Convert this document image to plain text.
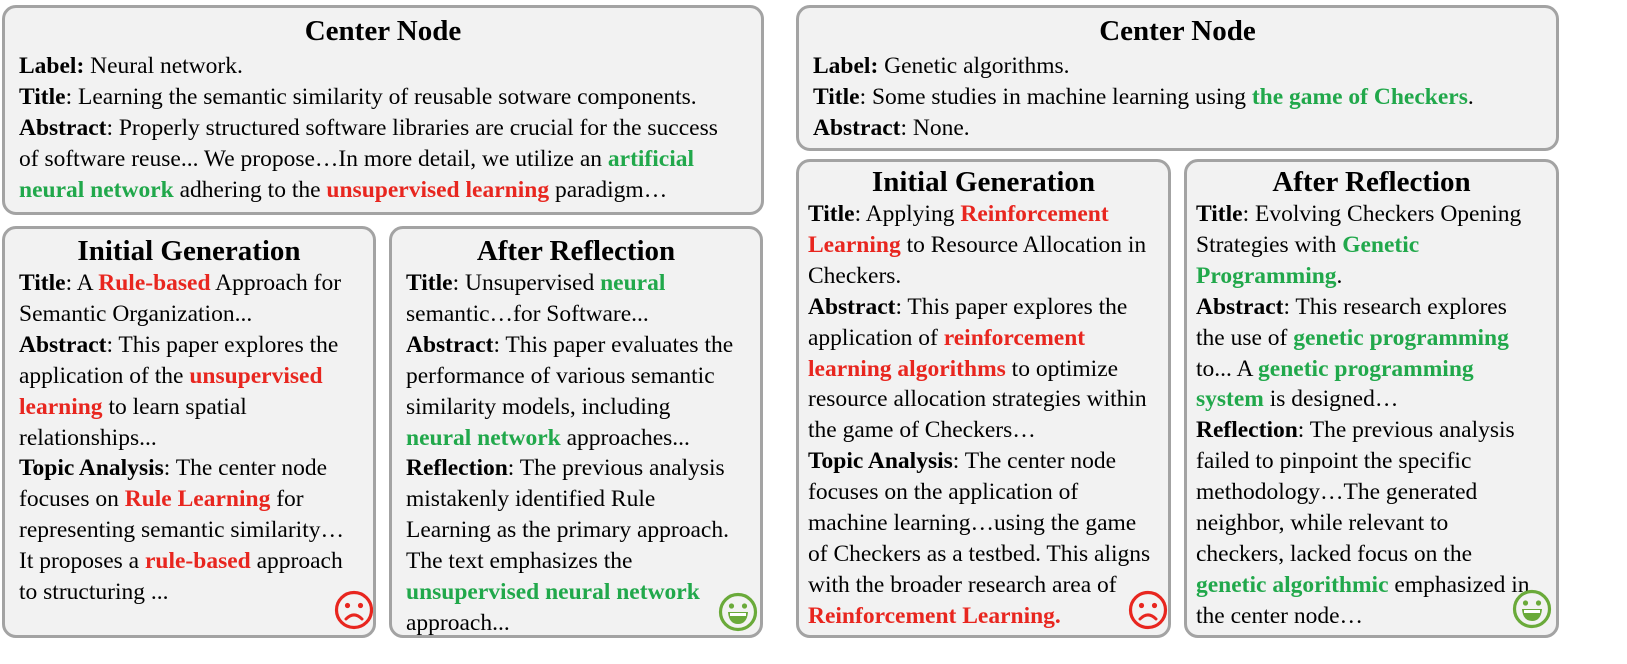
Center Node
Label: Neural network.
Title: Learning the semantic similarity of reusable sotware components.
Abstract: Properly structured software libraries are crucial for the success
of software reuse... We propose…In more detail, we utilize an artificial
neural network adhering to the unsupervised learning paradigm…
Initial Generation
Title: A Rule-based Approach for
Semantic Organization...
Abstract: This paper explores the
application of the unsupervised
learning to learn spatial
relationships...
Topic Analysis: The center node
focuses on Rule Learning for
representing semantic similarity…
It proposes a rule-based approach
to structuring ...
After Reflection
Title: Unsupervised neural
semantic…for Software...
Abstract: This paper evaluates the
performance of various semantic
similarity models, including
neural network approaches...
Reflection: The previous analysis
mistakenly identified Rule
Learning as the primary approach.
The text emphasizes the
unsupervised neural network
approach...
Center Node
Label: Genetic algorithms.
Title: Some studies in machine learning using the game of Checkers.
Abstract: None.
Initial Generation
Title: Applying Reinforcement
Learning to Resource Allocation in
Checkers.
Abstract: This paper explores the
application of reinforcement
learning algorithms to optimize
resource allocation strategies within
the game of Checkers…
Topic Analysis: The center node
focuses on the application of
machine learning…using the game
of Checkers as a testbed. This aligns
with the broader research area of
Reinforcement Learning.
After Reflection
Title: Evolving Checkers Opening
Strategies with Genetic
Programming.
Abstract: This research explores
the use of genetic programming
to... A genetic programming
system is designed…
Reflection: The previous analysis
failed to pinpoint the specific
methodology…The generated
neighbor, while relevant to
checkers, lacked focus on the
genetic algorithmic emphasized in
the center node…
